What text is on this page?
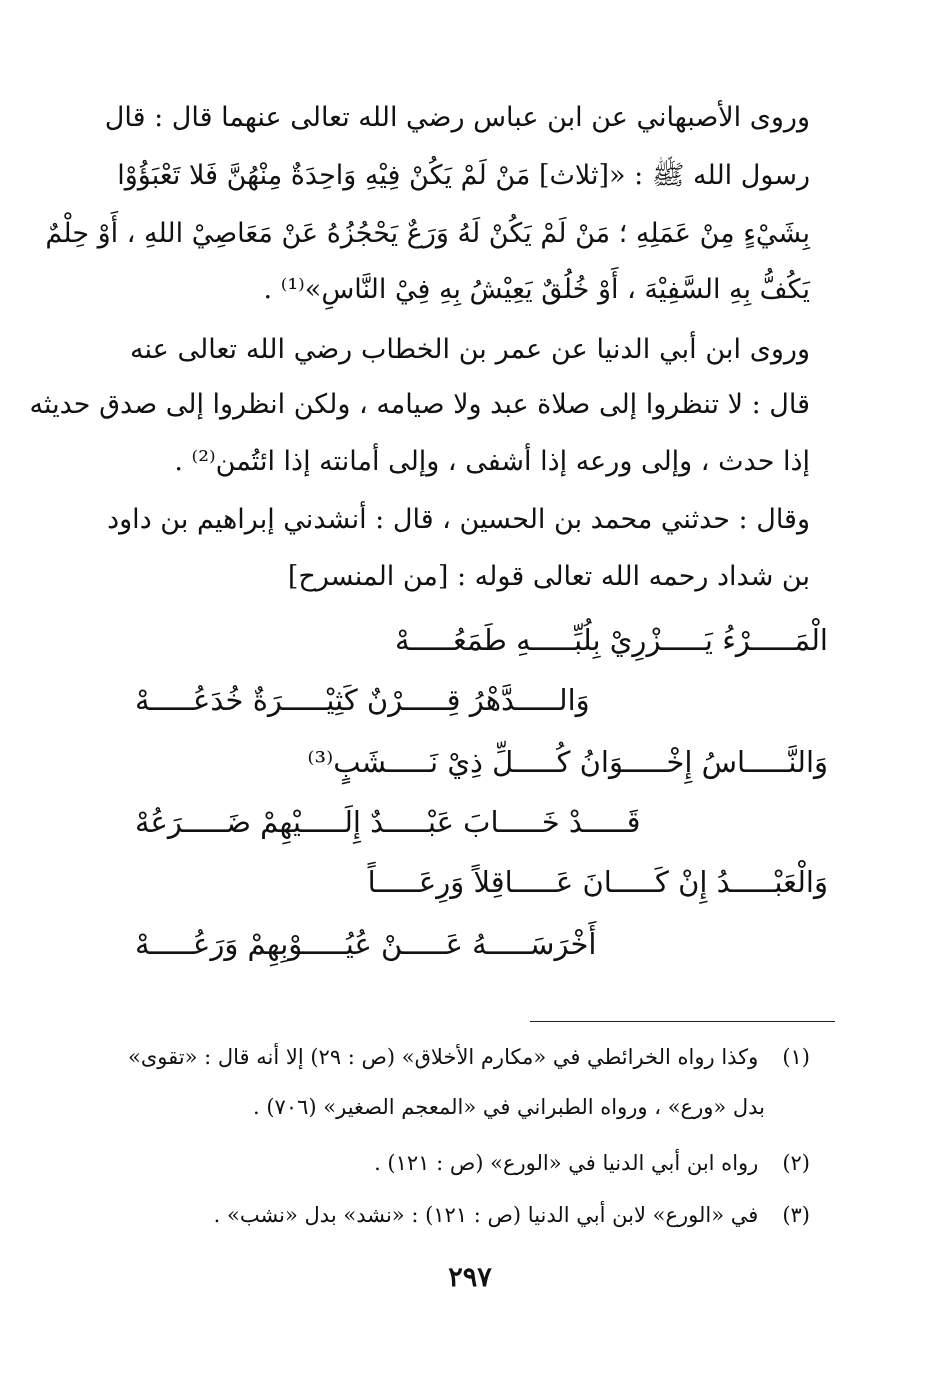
وروى الأصبهاني عن ابن عباس رضي الله تعالى عنهما قال : قال
رسول الله ﷺ : «[ثلاث] مَنْ لَمْ يَكُنْ فِيْهِ وَاحِدَةٌ مِنْهُنَّ فَلا تَعْبَؤُوْا
بِشَيْءٍ مِنْ عَمَلِهِ ؛ مَنْ لَمْ يَكُنْ لَهُ وَرَعٌ يَحْجُزُهُ عَنْ مَعَاصِيْ اللهِ ، أَوْ حِلْمٌ
يَكُفُّ بِهِ السَّفِيْهَ ، أَوْ خُلُقٌ يَعِيْشُ بِهِ فِيْ النَّاسِ»⁽¹⁾ .
وروى ابن أبي الدنيا عن عمر بن الخطاب رضي الله تعالى عنه
قال : لا تنظروا إلى صلاة عبد ولا صيامه ، ولكن انظروا إلى صدق حديثه
إذا حدث ، وإلى ورعه إذا أشفى ، وإلى أمانته إذا ائتُمن⁽²⁾ .
وقال : حدثني محمد بن الحسين ، قال : أنشدني إبراهيم بن داود
بن شداد رحمه الله تعالى قوله : [من المنسرح]
الْمَـــــرْءُ يَـــــزْرِيْ بِلُبِّـــــهِ طَمَعُـــــهْ
وَالـــــدَّهْرُ قِـــــرْنٌ كَثِيْـــــرَةٌ خُدَعُـــــهْ
وَالنَّـــــاسُ إِخْـــــوَانُ كُـــــلِّ ذِيْ نَـــــشَبٍ⁽³⁾
قَـــــدْ خَـــــابَ عَبْـــــدٌ إِلَـــــيْهِمْ ضَـــــرَعُهْ
وَالْعَبْـــــدُ إِنْ كَـــــانَ عَـــــاقِلاً وَرِعَـــــاً
أَخْرَسَـــــهُ عَـــــنْ عُيُـــــوْبِهِمْ وَرَعُـــــهْ
(١) وكذا رواه الخرائطي في «مكارم الأخلاق» (ص : ٢٩) إلا أنه قال : «تقوى»
بدل «ورع» ، ورواه الطبراني في «المعجم الصغير» (٧٠٦) .
(٢) رواه ابن أبي الدنيا في «الورع» (ص : ١٢١) .
(٣) في «الورع» لابن أبي الدنيا (ص : ١٢١) : «نشد» بدل «نشب» .
٢٩٧
